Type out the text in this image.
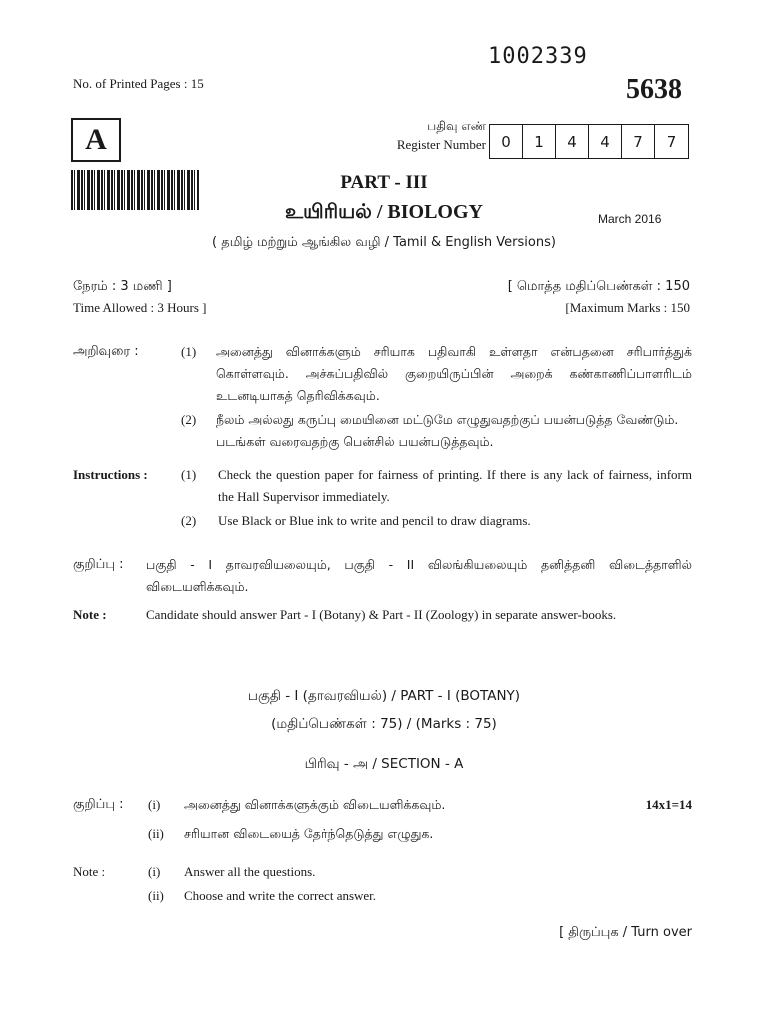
1002339
No. of Printed Pages : 15	5638
A	பதிவு எண்
Register Number	0	1	4	4	7	7
PART - III
உயிரியல் / BIOLOGY	March 2016
( தமிழ் மற்றும் ஆங்கில வழி / Tamil & English Versions)
நேரம் : 3 மணி ]
Time Allowed : 3 Hours ]
[ மொத்த மதிப்பெண்கள் : 150
[Maximum Marks : 150
அறிவுரை :	(1) அனைத்து வினாக்களும் சரியாக பதிவாகி உள்ளதா என்பதனை சரிபார்த்துக் கொள்ளவும். அச்சுப்பதிவில் குறையிருப்பின் அறைக் கண்காணிப்பாளரிடம் உடனடியாகத் தெரிவிக்கவும்.
(2) நீலம் அல்லது கருப்பு மையினை மட்டுமே எழுதுவதற்குப் பயன்படுத்த வேண்டும். படங்கள் வரைவதற்கு பென்சில் பயன்படுத்தவும்.
Instructions :	(1) Check the question paper for fairness of printing. If there is any lack of fairness, inform the Hall Supervisor immediately.
(2) Use Black or Blue ink to write and pencil to draw diagrams.
குறிப்பு : பகுதி - I தாவரவியலையும், பகுதி - II விலங்கியலையும் தனித்தனி விடைத்தாளில் விடையளிக்கவும்.
Note :	Candidate should answer Part - I (Botany) & Part - II (Zoology) in separate answer-books.
பகுதி - I (தாவரவியல்) / PART - I (BOTANY)
(மதிப்பெண்கள் : 75) / (Marks : 75)
பிரிவு - அ / SECTION - A
குறிப்பு : (i) அனைத்து வினாக்களுக்கும் விடையளிக்கவும்.
(ii) சரியான விடையைத் தேர்ந்தெடுத்து எழுதுக.
14x1=14
Note :	(i) Answer all the questions.
(ii) Choose and write the correct answer.
[ திருப்புக / Turn over
